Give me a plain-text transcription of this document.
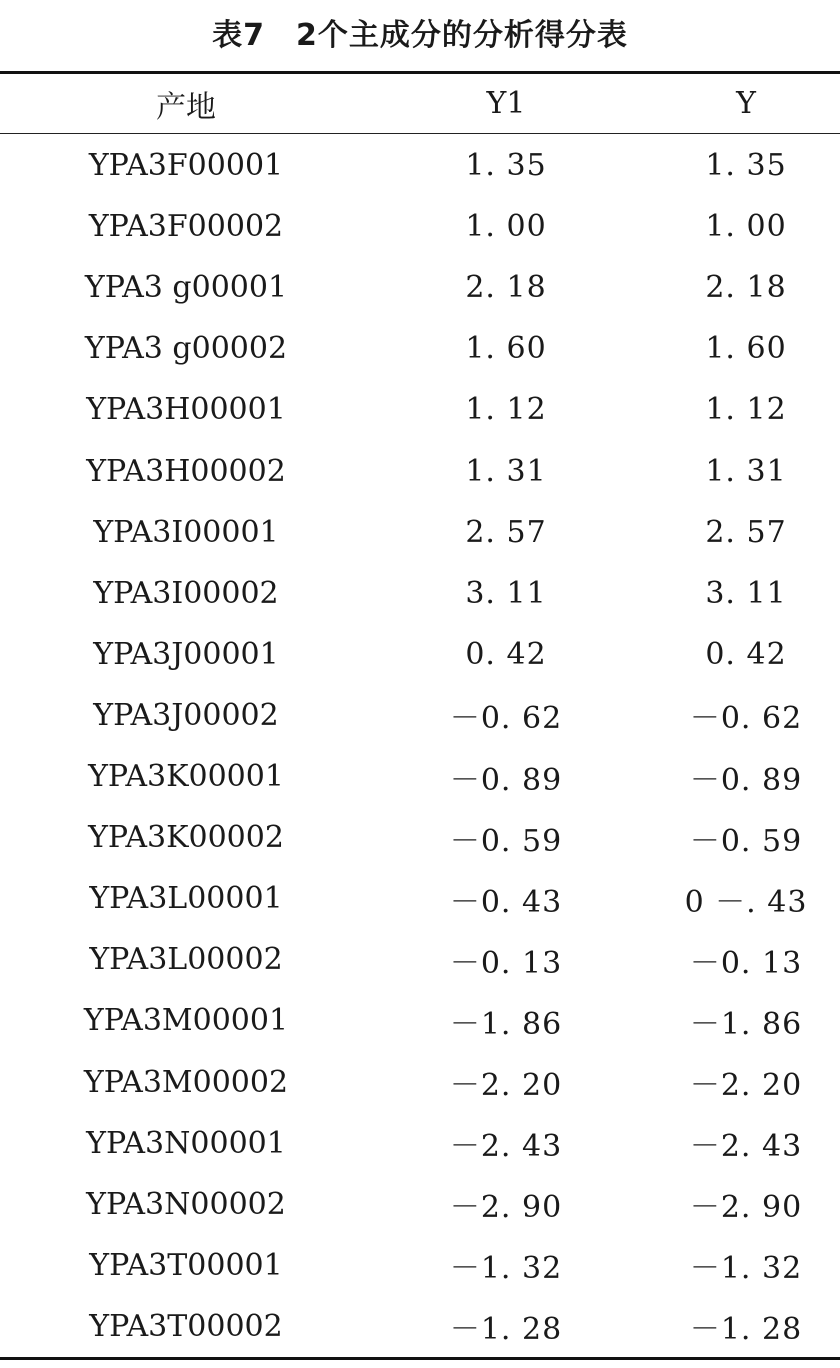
表7　2个主成分的分析得分表
产地	Y1	Y
YPA3F00001	1. 35	1. 35
YPA3F00002	1. 00	1. 00
YPA3 g00001	2. 18	2. 18
YPA3 g00002	1. 60	1. 60
YPA3H00001	1. 12	1. 12
YPA3H00002	1. 31	1. 31
YPA3I00001	2. 57	2. 57
YPA3I00002	3. 11	3. 11
YPA3J00001	0. 42	0. 42
YPA3J00002	－0. 62	－0. 62
YPA3K00001	－0. 89	－0. 89
YPA3K00002	－0. 59	－0. 59
YPA3L00001	－0. 43	0 －. 43
YPA3L00002	－0. 13	－0. 13
YPA3M00001	－1. 86	－1. 86
YPA3M00002	－2. 20	－2. 20
YPA3N00001	－2. 43	－2. 43
YPA3N00002	－2. 90	－2. 90
YPA3T00001	－1. 32	－1. 32
YPA3T00002	－1. 28	－1. 28
